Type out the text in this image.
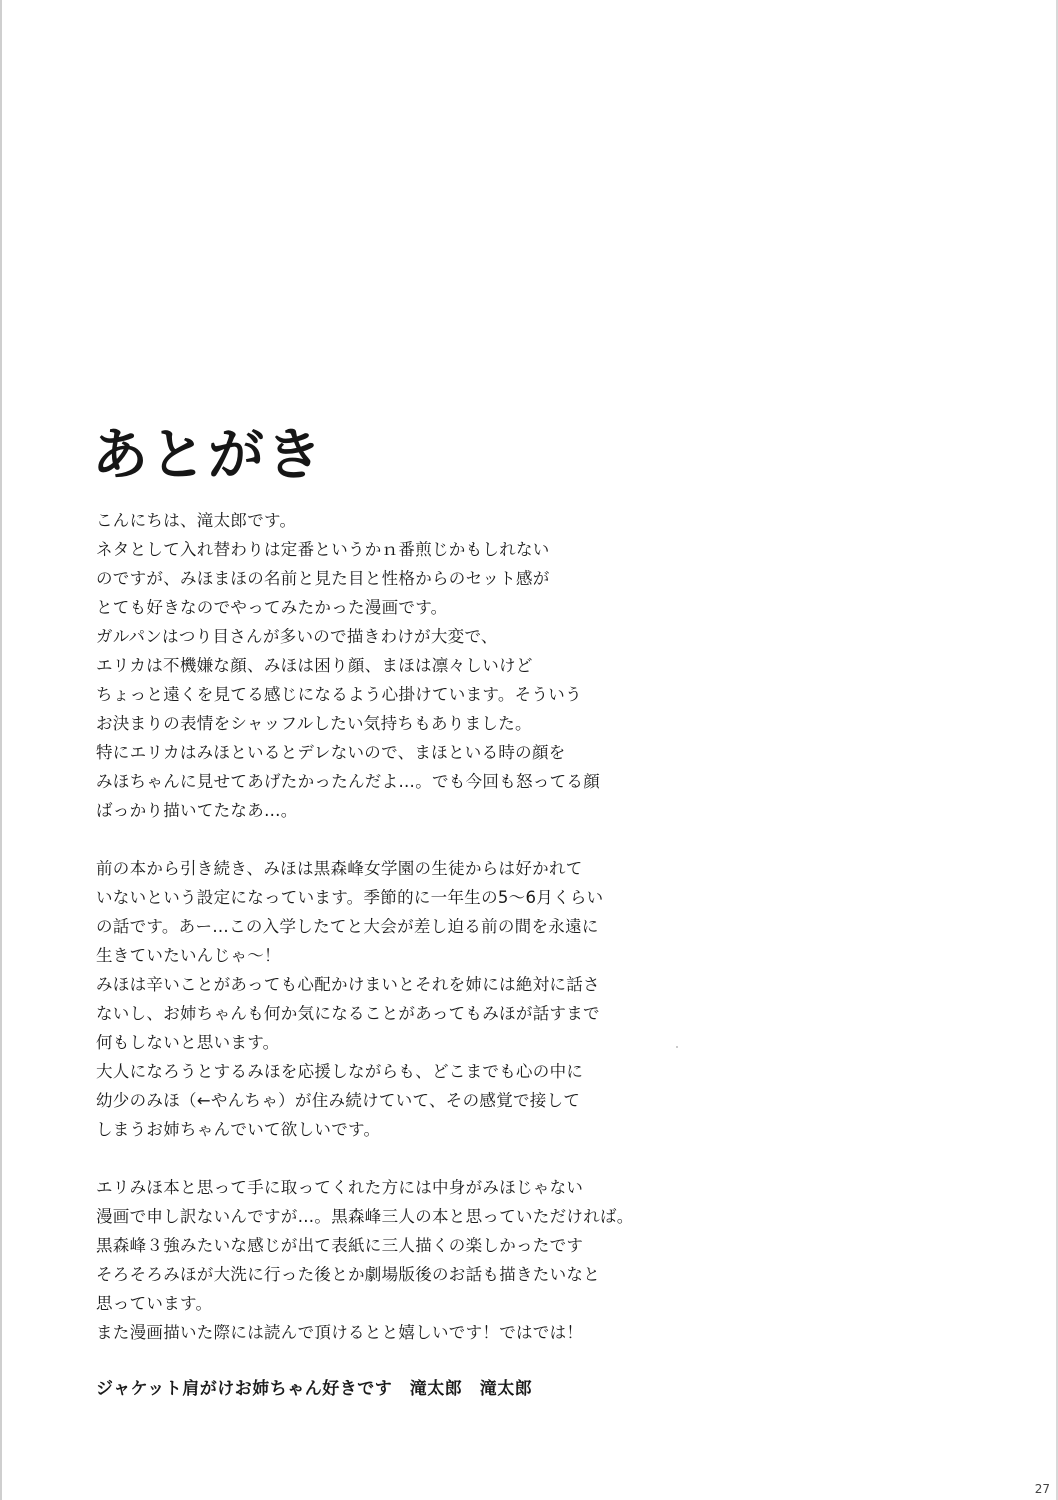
あとがき
こんにちは、滝太郎です。
ネタとして入れ替わりは定番というかｎ番煎じかもしれない
のですが、みほまほの名前と見た目と性格からのセット感が
とても好きなのでやってみたかった漫画です。
ガルパンはつり目さんが多いので描きわけが大変で、
エリカは不機嫌な顔、みほは困り顔、まほは凛々しいけど
ちょっと遠くを見てる感じになるよう心掛けています。そういう
お決まりの表情をシャッフルしたい気持ちもありました。
特にエリカはみほといるとデレないので、まほといる時の顔を
みほちゃんに見せてあげたかったんだよ…。でも今回も怒ってる顔
ばっかり描いてたなあ…。
前の本から引き続き、みほは黒森峰女学園の生徒からは好かれて
いないという設定になっています。季節的に一年生の5～6月くらい
の話です。あー…この入学したてと大会が差し迫る前の間を永遠に
生きていたいんじゃ～！
みほは辛いことがあっても心配かけまいとそれを姉には絶対に話さ
ないし、お姉ちゃんも何か気になることがあってもみほが話すまで
何もしないと思います。
大人になろうとするみほを応援しながらも、どこまでも心の中に
幼少のみほ（←やんちゃ）が住み続けていて、その感覚で接して
しまうお姉ちゃんでいて欲しいです。
エリみほ本と思って手に取ってくれた方には中身がみほじゃない
漫画で申し訳ないんですが…。黒森峰三人の本と思っていただければ。
黒森峰３強みたいな感じが出て表紙に三人描くの楽しかったです
そろそろみほが大洗に行った後とか劇場版後のお話も描きたいなと
思っています。
また漫画描いた際には読んで頂けるとと嬉しいです！ではでは！
ジャケット肩がけお姉ちゃん好きです　滝太郎　滝太郎
27
